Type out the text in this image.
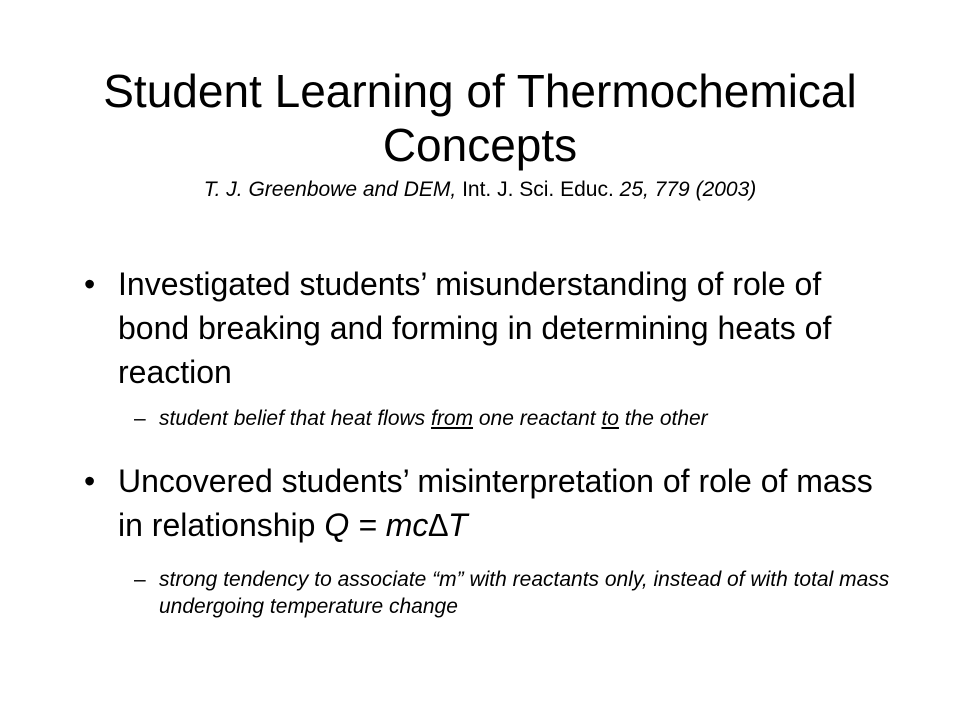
Student Learning of Thermochemical Concepts
T. J. Greenbowe and DEM, Int. J. Sci. Educ. 25, 779 (2003)
• Investigated students’ misunderstanding of role of bond breaking and forming in determining heats of reaction
– student belief that heat flows from one reactant to the other
• Uncovered students’ misinterpretation of role of mass in relationship Q = mc∆T
– strong tendency to associate “m” with reactants only, instead of with total mass undergoing temperature change
